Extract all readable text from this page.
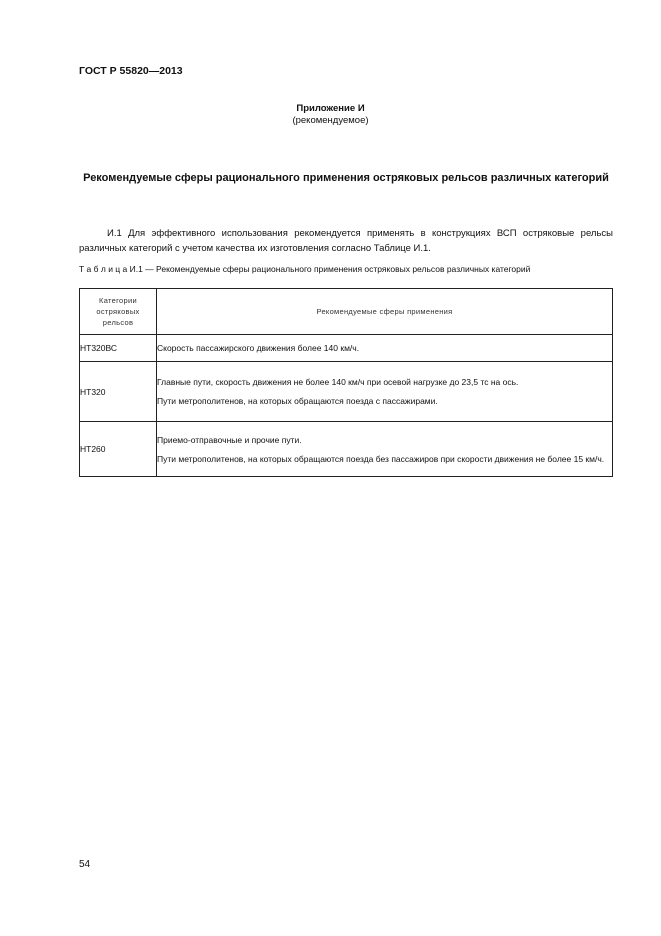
ГОСТ Р 55820—2013
Приложение И
(рекомендуемое)
Рекомендуемые сферы рационального применения остряковых рельсов различных категорий
И.1 Для эффективного использования рекомендуется применять в конструкциях ВСП остряковые рельсы различных категорий с учетом качества их изготовления согласно Таблице И.1.
Т а б л и ц а И.1 — Рекомендуемые сферы рационального применения остряковых рельсов различных категорий
Категории остряковых рельсов	Рекомендуемые сферы применения
НТ320ВС	Скорость пассажирского движения более 140 км/ч.

НТ320	Главные пути, скорость движения не более 140 км/ч при осевой нагрузке до 23,5 тс на ось.

Пути метрополитенов, на которых обращаются поезда с пассажирами.

НТ260	Приемо-отправочные и прочие пути.

Пути метрополитенов, на которых обращаются поезда без пассажиров при скорости движения не более 15 км/ч.

54
